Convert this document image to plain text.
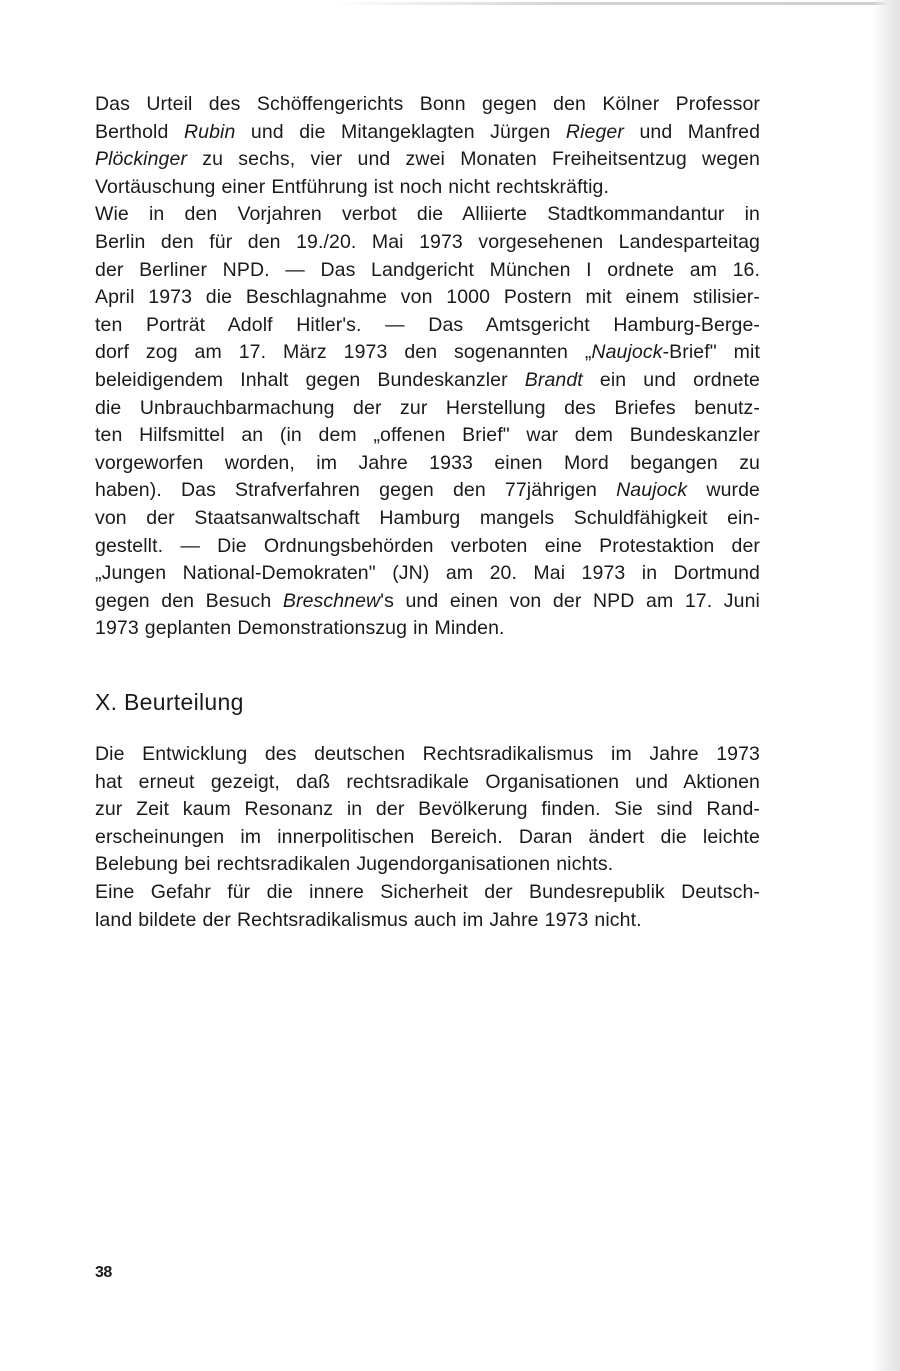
Das Urteil des Schöffengerichts Bonn gegen den Kölner Professor
Berthold Rubin und die Mitangeklagten Jürgen Rieger und Manfred
Plöckinger zu sechs, vier und zwei Monaten Freiheitsentzug wegen
Vortäuschung einer Entführung ist noch nicht rechtskräftig.

Wie in den Vorjahren verbot die Alliierte Stadtkommandantur in
Berlin den für den 19./20. Mai 1973 vorgesehenen Landesparteitag
der Berliner NPD. — Das Landgericht München I ordnete am 16.
April 1973 die Beschlagnahme von 1000 Postern mit einem stilisier-
ten Porträt Adolf Hitler's. — Das Amtsgericht Hamburg-Berge-
dorf zog am 17. März 1973 den sogenannten „Naujock-Brief" mit
beleidigendem Inhalt gegen Bundeskanzler Brandt ein und ordnete
die Unbrauchbarmachung der zur Herstellung des Briefes benutz-
ten Hilfsmittel an (in dem „offenen Brief" war dem Bundeskanzler
vorgeworfen worden, im Jahre 1933 einen Mord begangen zu
haben). Das Strafverfahren gegen den 77jährigen Naujock wurde
von der Staatsanwaltschaft Hamburg mangels Schuldfähigkeit ein-
gestellt. — Die Ordnungsbehörden verboten eine Protestaktion der
„Jungen National-Demokraten" (JN) am 20. Mai 1973 in Dortmund
gegen den Besuch Breschnew's und einen von der NPD am 17. Juni
1973 geplanten Demonstrationszug in Minden.

X. Beurteilung

Die Entwicklung des deutschen Rechtsradikalismus im Jahre 1973
hat erneut gezeigt, daß rechtsradikale Organisationen und Aktionen
zur Zeit kaum Resonanz in der Bevölkerung finden. Sie sind Rand-
erscheinungen im innerpolitischen Bereich. Daran ändert die leichte
Belebung bei rechtsradikalen Jugendorganisationen nichts.

Eine Gefahr für die innere Sicherheit der Bundesrepublik Deutsch-
land bildete der Rechtsradikalismus auch im Jahre 1973 nicht.

38
